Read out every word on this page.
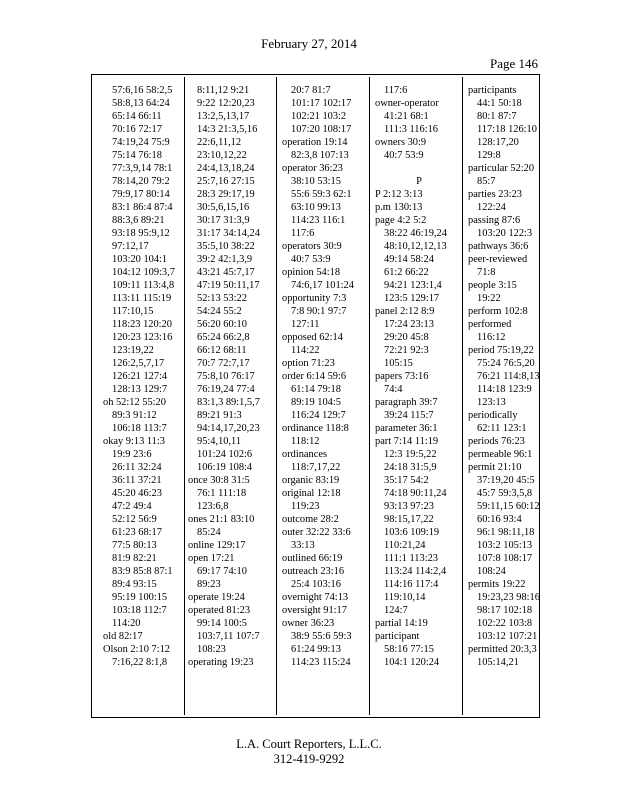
February 27, 2014
Page 146
57:6,16 58:2,5
58:8,13 64:24
65:14 66:11
70:16 72:17
74:19,24 75:9
75:14 76:18
77:3,9,14 78:1
78:14,20 79:2
79:9,17 80:14
83:1 86:4 87:4
88:3,6 89:21
93:18 95:9,12
97:12,17
103:20 104:1
104:12 109:3,7
109:11 113:4,8
113:11 115:19
117:10,15
118:23 120:20
120:23 123:16
123:19,22
126:2,5,7,17
126:21 127:4
128:13 129:7
oh 52:12 55:20
89:3 91:12
106:18 113:7
okay 9:13 11:3
19:9 23:6
26:11 32:24
36:11 37:21
45:20 46:23
47:2 49:4
52:12 56:9
61:23 68:17
77:5 80:13
81:9 82:21
83:9 85:8 87:1
89:4 93:15
95:19 100:15
103:18 112:7
114:20
old 82:17
Olson 2:10 7:12
7:16,22 8:1,8
8:11,12 9:21
9:22 12:20,23
13:2,5,13,17
14:3 21:3,5,16
22:6,11,12
23:10,12,22
24:4,13,18,24
25:7,16 27:15
28:3 29:17,19
30:5,6,15,16
30:17 31:3,9
31:17 34:14,24
35:5,10 38:22
39:2 42:1,3,9
43:21 45:7,17
47:19 50:11,17
52:13 53:22
54:24 55:2
56:20 60:10
65:24 66:2,8
66:12 68:11
70:7 72:7,17
75:8,10 76:17
76:19,24 77:4
83:1,3 89:1,5,7
89:21 91:3
94:14,17,20,23
95:4,10,11
101:24 102:6
106:19 108:4
once 30:8 31:5
76:1 111:18
123:6,8
ones 21:1 83:10
85:24
online 129:17
open 17:21
69:17 74:10
89:23
operate 19:24
operated 81:23
99:14 100:5
103:7,11 107:7
108:23
operating 19:23
20:7 81:7
101:17 102:17
102:21 103:2
107:20 108:17
operation 19:14
82:3,8 107:13
operator 36:23
38:10 53:15
55:6 59:3 62:1
63:10 99:13
114:23 116:1
117:6
operators 30:9
40:7 53:9
opinion 54:18
74:6,17 101:24
opportunity 7:3
7:8 90:1 97:7
127:11
opposed 62:14
114:22
option 71:23
order 6:14 59:6
61:14 79:18
89:19 104:5
116:24 129:7
ordinance 118:8
118:12
ordinances
118:7,17,22
organic 83:19
original 12:18
119:23
outcome 28:2
outer 32:22 33:6
33:13
outlined 66:19
outreach 23:16
25:4 103:16
overnight 74:13
oversight 91:17
owner 36:23
38:9 55:6 59:3
61:24 99:13
114:23 115:24
117:6
owner-operator
41:21 68:1
111:3 116:16
owners 30:9
40:7 53:9
P
P 2:12 3:13
p.m 130:13
page 4:2 5:2
38:22 46:19,24
48:10,12,12,13
49:14 58:24
61:2 66:22
94:21 123:1,4
123:5 129:17
panel 2:12 8:9
17:24 23:13
29:20 45:8
72:21 92:3
105:15
papers 73:16
74:4
paragraph 39:7
39:24 115:7
parameter 36:1
part 7:14 11:19
12:3 19:5,22
24:18 31:5,9
35:17 54:2
74:18 90:11,24
93:13 97:23
98:15,17,22
103:6 109:19
110:21,24
111:1 113:23
113:24 114:2,4
114:16 117:4
119:10,14
124:7
partial 14:19
participant
58:16 77:15
104:1 120:24
participants
44:1 50:18
80:1 87:7
117:18 126:10
128:17,20
129:8
particular 52:20
85:7
parties 23:23
122:24
passing 87:6
103:20 122:3
pathways 36:6
peer-reviewed
71:8
people 3:15
19:22
perform 102:8
performed
116:12
period 75:19,22
75:24 76:5,20
76:21 114:8,13
114:18 123:9
123:13
periodically
62:11 123:1
periods 76:23
permeable 96:1
permit 21:10
37:19,20 45:5
45:7 59:3,5,8
59:11,15 60:12
60:16 93:4
96:1 98:11,18
103:2 105:13
107:8 108:17
108:24
permits 19:22
19:23,23 98:16
98:17 102:18
102:22 103:8
103:12 107:21
permitted 20:3,3
105:14,21
L.A. Court Reporters, L.L.C.
312-419-9292
